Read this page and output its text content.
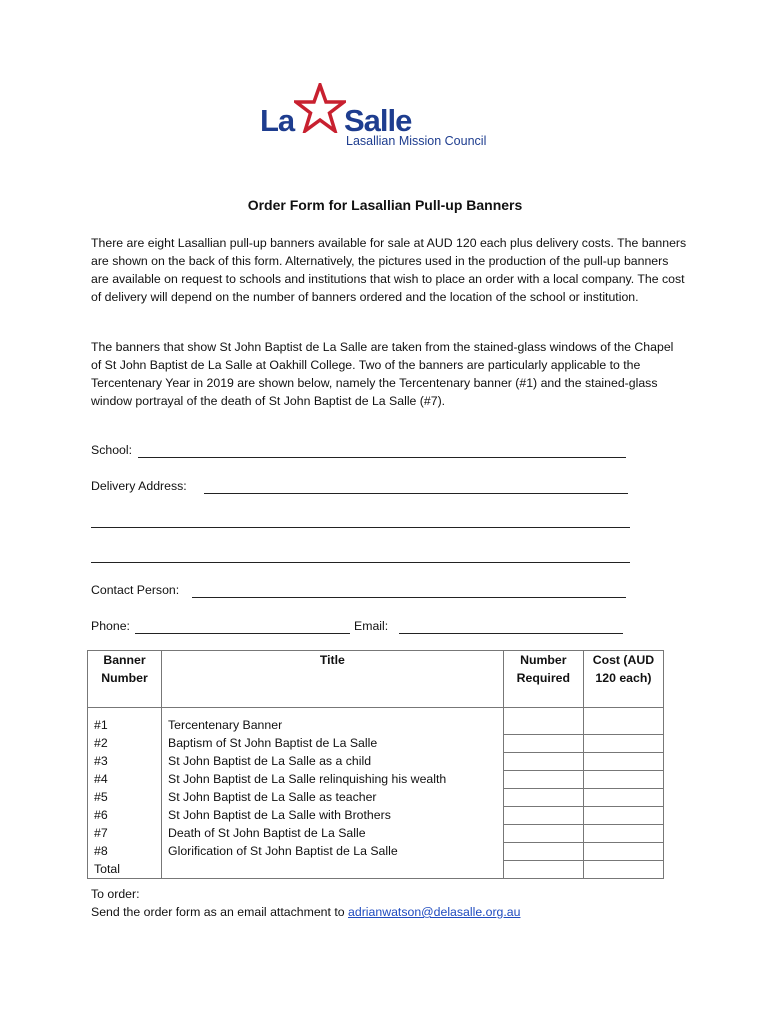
La Salle
Lasallian Mission Council
Order Form for Lasallian Pull-up Banners

There are eight Lasallian pull-up banners available for sale at AUD 120 each plus delivery costs. The banners are shown on the back of this form. Alternatively, the pictures used in the production of the pull-up banners are available on request to schools and institutions that wish to place an order with a local company. The cost of delivery will depend on the number of banners ordered and the location of the school or institution.

The banners that show St John Baptist de La Salle are taken from the stained-glass windows of the Chapel of St John Baptist de La Salle at Oakhill College. Two of the banners are particularly applicable to the Tercentenary Year in 2019 are shown below, namely the Tercentenary banner (#1) and the stained-glass window portrayal of the death of St John Baptist de La Salle (#7).

School:
Delivery Address:
Contact Person:
Phone:	Email:
Banner Number	Title	Number Required	Cost (AUD 120 each)
#1	Tercentenary Banner		
#2	Baptism of St John Baptist de La Salle		
#3	St John Baptist de La Salle as a child		
#4	St John Baptist de La Salle relinquishing his wealth		
#5	St John Baptist de La Salle as teacher		
#6	St John Baptist de La Salle with Brothers		
#7	Death of St John Baptist de La Salle		
#8	Glorification of St John Baptist de La Salle		
Total			
To order:
Send the order form as an email attachment to adrianwatson@delasalle.org.au
